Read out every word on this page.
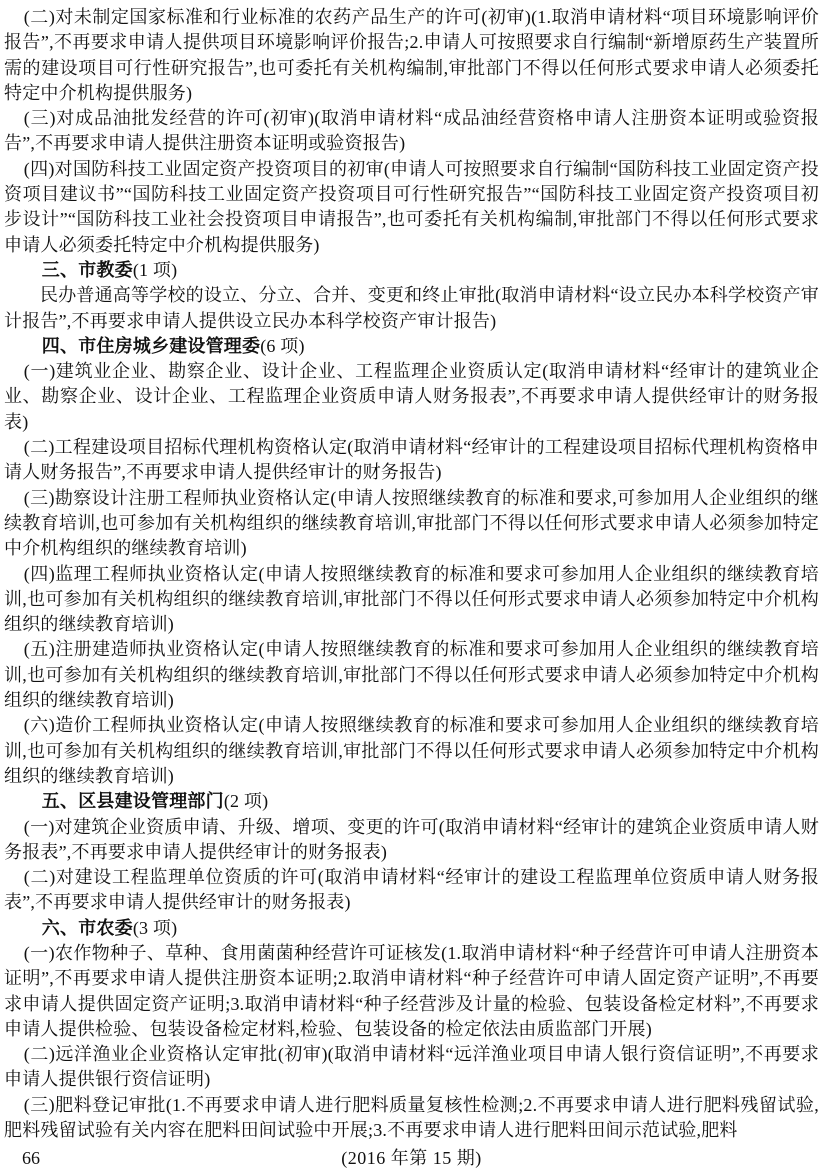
(二)对未制定国家标准和行业标准的农药产品生产的许可(初审)(1.取消申请材料“项目环境影响评价报告”,不再要求申请人提供项目环境影响评价报告;2.申请人可按照要求自行编制“新增原药生产装置所需的建设项目可行性研究报告”,也可委托有关机构编制,审批部门不得以任何形式要求申请人必须委托特定中介机构提供服务)

(三)对成品油批发经营的许可(初审)(取消申请材料“成品油经营资格申请人注册资本证明或验资报告”,不再要求申请人提供注册资本证明或验资报告)

(四)对国防科技工业固定资产投资项目的初审(申请人可按照要求自行编制“国防科技工业固定资产投资项目建议书”“国防科技工业固定资产投资项目可行性研究报告”“国防科技工业固定资产投资项目初步设计”“国防科技工业社会投资项目申请报告”,也可委托有关机构编制,审批部门不得以任何形式要求申请人必须委托特定中介机构提供服务)

三、市教委(1 项)

民办普通高等学校的设立、分立、合并、变更和终止审批(取消申请材料“设立民办本科学校资产审计报告”,不再要求申请人提供设立民办本科学校资产审计报告)

四、市住房城乡建设管理委(6 项)

(一)建筑业企业、勘察企业、设计企业、工程监理企业资质认定(取消申请材料“经审计的建筑业企业、勘察企业、设计企业、工程监理企业资质申请人财务报表”,不再要求申请人提供经审计的财务报表)

(二)工程建设项目招标代理机构资格认定(取消申请材料“经审计的工程建设项目招标代理机构资格申请人财务报告”,不再要求申请人提供经审计的财务报告)

(三)勘察设计注册工程师执业资格认定(申请人按照继续教育的标准和要求,可参加用人企业组织的继续教育培训,也可参加有关机构组织的继续教育培训,审批部门不得以任何形式要求申请人必须参加特定中介机构组织的继续教育培训)

(四)监理工程师执业资格认定(申请人按照继续教育的标准和要求可参加用人企业组织的继续教育培训,也可参加有关机构组织的继续教育培训,审批部门不得以任何形式要求申请人必须参加特定中介机构组织的继续教育培训)

(五)注册建造师执业资格认定(申请人按照继续教育的标准和要求可参加用人企业组织的继续教育培训,也可参加有关机构组织的继续教育培训,审批部门不得以任何形式要求申请人必须参加特定中介机构组织的继续教育培训)

(六)造价工程师执业资格认定(申请人按照继续教育的标准和要求可参加用人企业组织的继续教育培训,也可参加有关机构组织的继续教育培训,审批部门不得以任何形式要求申请人必须参加特定中介机构组织的继续教育培训)

五、区县建设管理部门(2 项)

(一)对建筑企业资质申请、升级、增项、变更的许可(取消申请材料“经审计的建筑企业资质申请人财务报表”,不再要求申请人提供经审计的财务报表)

(二)对建设工程监理单位资质的许可(取消申请材料“经审计的建设工程监理单位资质申请人财务报表”,不再要求申请人提供经审计的财务报表)

六、市农委(3 项)

(一)农作物种子、草种、食用菌菌种经营许可证核发(1.取消申请材料“种子经营许可申请人注册资本证明”,不再要求申请人提供注册资本证明;2.取消申请材料“种子经营许可申请人固定资产证明”,不再要求申请人提供固定资产证明;3.取消申请材料“种子经营涉及计量的检验、包装设备检定材料”,不再要求申请人提供检验、包装设备检定材料,检验、包装设备的检定依法由质监部门开展)

(二)远洋渔业企业资格认定审批(初审)(取消申请材料“远洋渔业项目申请人银行资信证明”,不再要求申请人提供银行资信证明)

(三)肥料登记审批(1.不再要求申请人进行肥料质量复核性检测;2.不再要求申请人进行肥料残留试验,肥料残留试验有关内容在肥料田间试验中开展;3.不再要求申请人进行肥料田间示范试验,肥料

66	(2016 年第 15 期)
